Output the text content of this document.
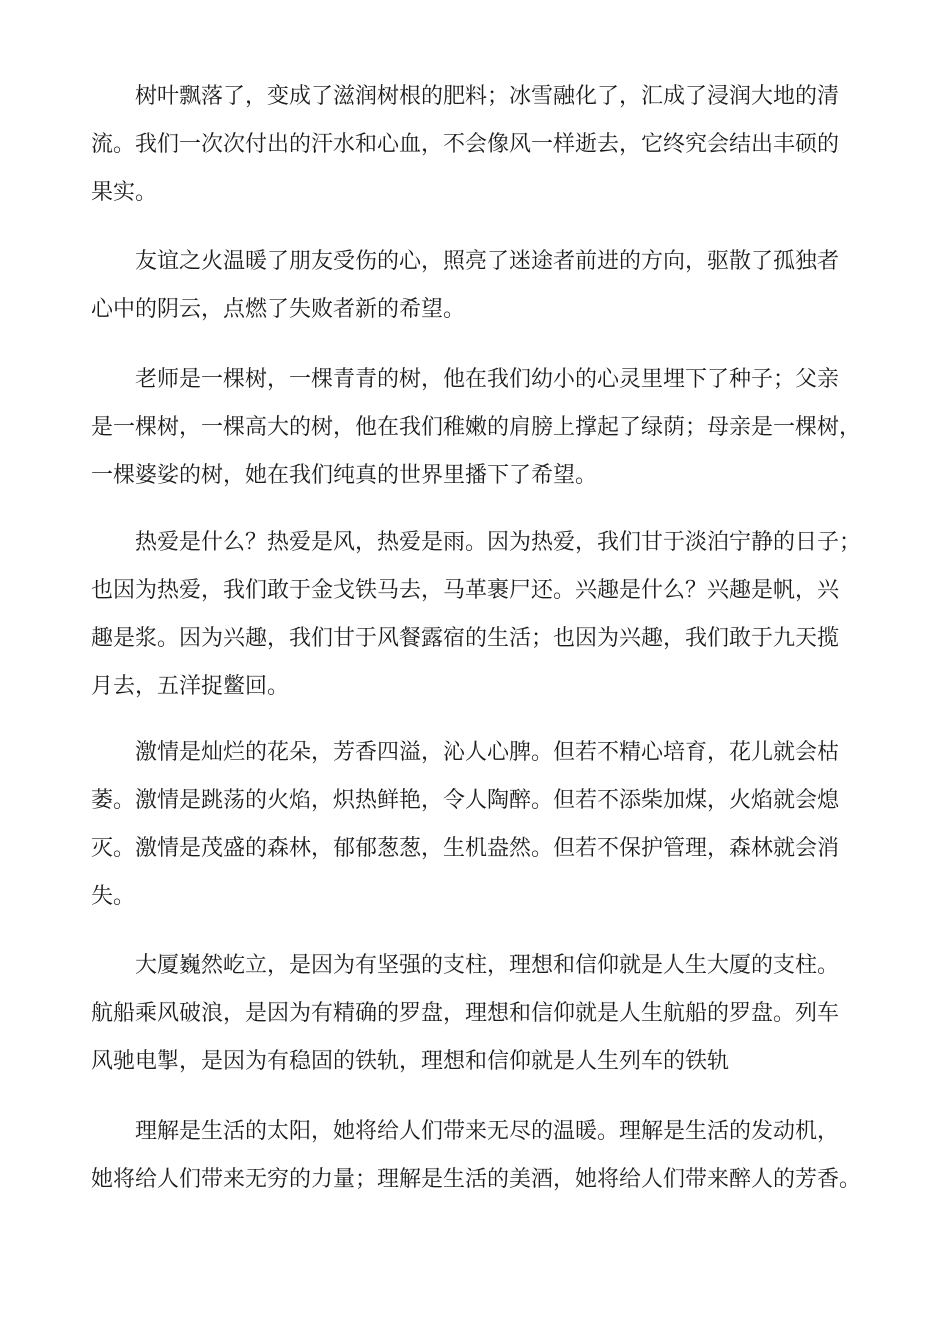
树叶飘落了，变成了滋润树根的肥料；冰雪融化了，汇成了浸润大地的清
流。我们一次次付出的汗水和心血，不会像风一样逝去，它终究会结出丰硕的
果实。
友谊之火温暖了朋友受伤的心，照亮了迷途者前进的方向，驱散了孤独者
心中的阴云，点燃了失败者新的希望。
老师是一棵树，一棵青青的树，他在我们幼小的心灵里埋下了种子；父亲
是一棵树，一棵高大的树，他在我们稚嫩的肩膀上撑起了绿荫；母亲是一棵树，
一棵婆娑的树，她在我们纯真的世界里播下了希望。
热爱是什么？热爱是风，热爱是雨。因为热爱，我们甘于淡泊宁静的日子；
也因为热爱，我们敢于金戈铁马去，马革裹尸还。兴趣是什么？兴趣是帆，兴
趣是浆。因为兴趣，我们甘于风餐露宿的生活；也因为兴趣，我们敢于九天揽
月去，五洋捉鳖回。
激情是灿烂的花朵，芳香四溢，沁人心脾。但若不精心培育，花儿就会枯
萎。激情是跳荡的火焰，炽热鲜艳，令人陶醉。但若不添柴加煤，火焰就会熄
灭。激情是茂盛的森林，郁郁葱葱，生机盎然。但若不保护管理，森林就会消
失。
大厦巍然屹立，是因为有坚强的支柱，理想和信仰就是人生大厦的支柱。
航船乘风破浪，是因为有精确的罗盘，理想和信仰就是人生航船的罗盘。列车
风驰电掣，是因为有稳固的铁轨，理想和信仰就是人生列车的铁轨
理解是生活的太阳，她将给人们带来无尽的温暖。理解是生活的发动机，
她将给人们带来无穷的力量；理解是生活的美酒，她将给人们带来醉人的芳香。
